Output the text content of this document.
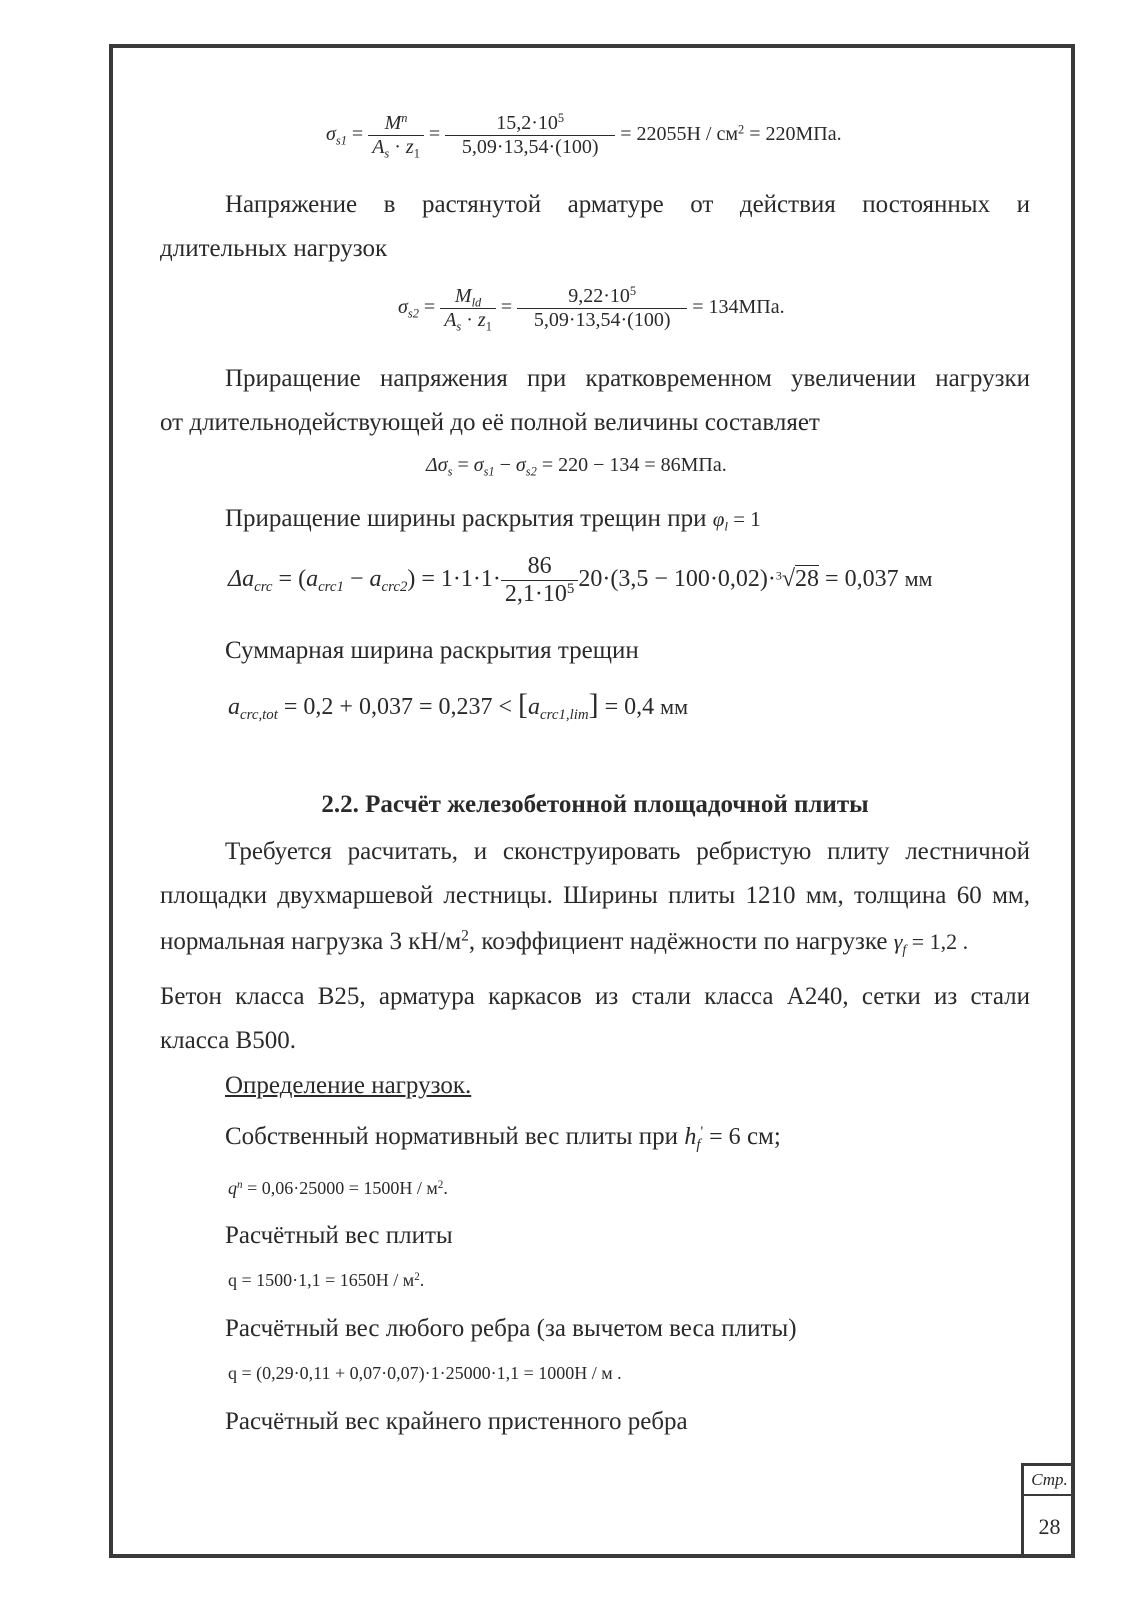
$\sigma_{s1} = \frac{M^n}{A_s \cdot z_1} = \frac{15,2\cdot 10^5}{5,09\cdot 13,54\cdot(100)} = 22055H / см^2 = 220МПа$.
Напряжение в растянутой арматуре от действия постоянных и
длительных нагрузок
$\sigma_{s2} = \frac{M_{ld}}{A_s \cdot z_1} = \frac{9,22\cdot 10^5}{5,09\cdot 13,54\cdot(100)} = 134МПа$.
Приращение напряжения при кратковременном увеличении нагрузки
от длительнодействующей до её полной величины составляет
$\Delta\sigma_s = \sigma_{s1} - \sigma_{s2} = 220 - 134 = 86МПа$.
Приращение ширины раскрытия трещин при $\varphi_l = 1$
$\Delta a_{crc} = (a_{crc1} - a_{crc2}) = 1\cdot 1\cdot 1\cdot \frac{86}{2,1\cdot 10^5} 20\cdot(3,5 - 100\cdot 0,02)\cdot^3√28 = 0,037$ мм
Суммарная ширина раскрытия трещин
$a_{crc,tot} = 0,2 + 0,037 = 0,237 < [a_{crc1,lim}] = 0,4$ мм
2.2. Расчёт железобетонной площадочной плиты
Требуется расчитать, и сконструировать ребристую плиту лестничной
площадки двухмаршевой лестницы. Ширины плиты 1210 мм, толщина 60 мм,
нормальная нагрузка 3 $кН/м^2$, коэффициент надёжности по нагрузке $\gamma_f = 1,2$ .
Бетон класса В25, арматура каркасов из стали класса А240, сетки из стали
класса В500.
Определение нагрузок.
Собственный нормативный вес плиты при $h_f' = 6$ см;
$q^n = 0,06\cdot 25000 = 1500H / м^2$.
Расчётный вес плиты
$q = 1500\cdot 1,1 = 1650H / м^2$.
Расчётный вес любого ребра (за вычетом веса плиты)
q = (0,29·0,11 + 0,07·0,07)·1·25000·1,1 = 1000H / м .
Расчётный вес крайнего пристенного ребра
Стр.
28
